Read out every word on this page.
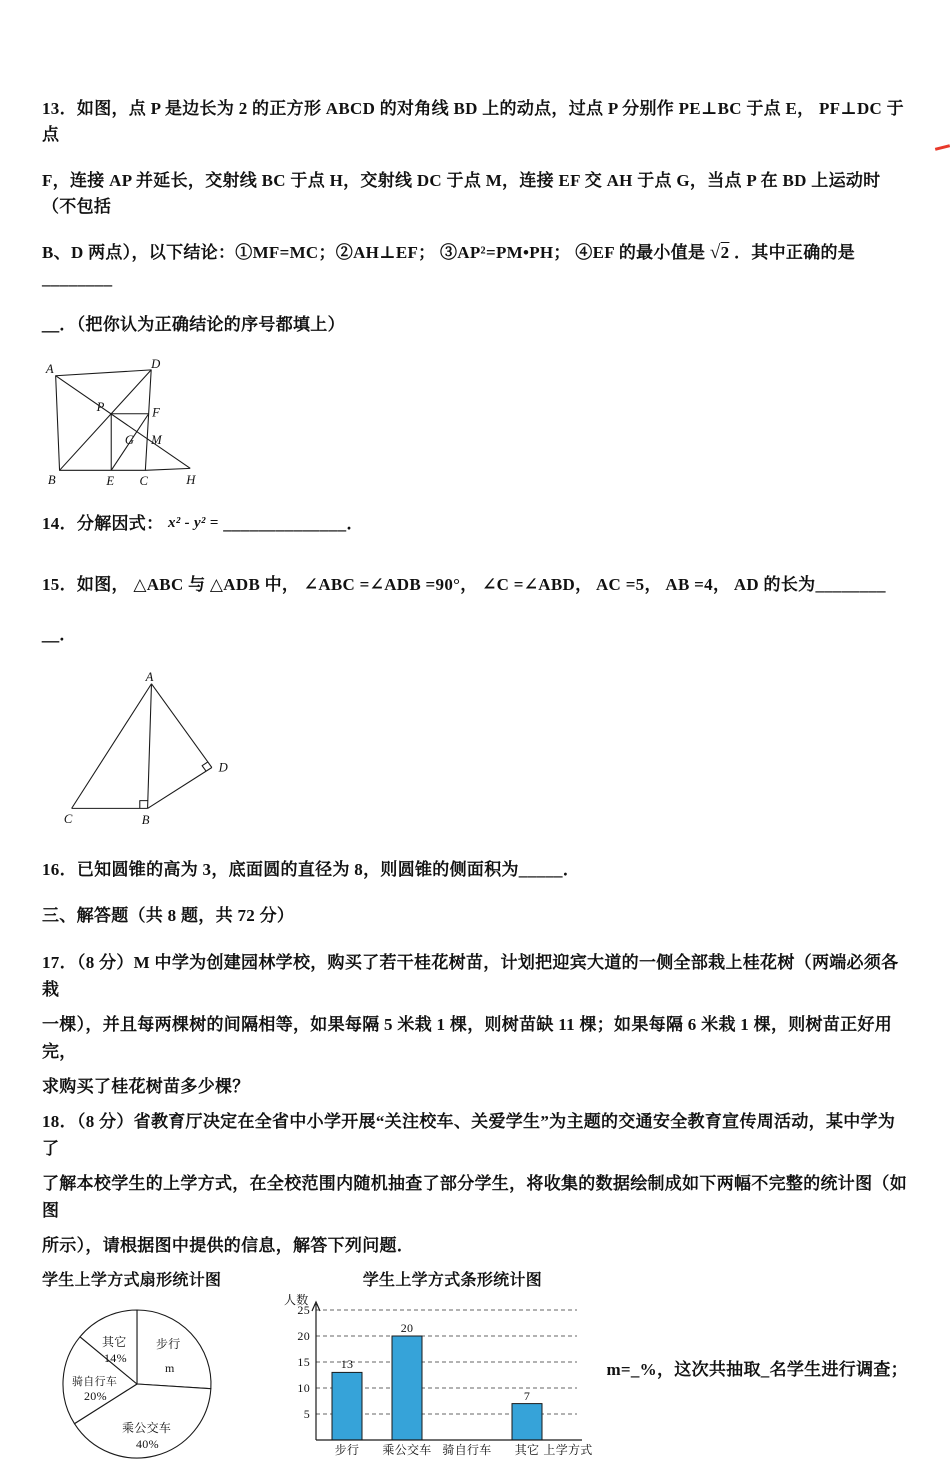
13．如图，点 P 是边长为 2 的正方形 ABCD 的对角线 BD 上的动点，过点 P 分别作 PE⊥BC 于点 E， PF⊥DC 于点
F，连接 AP 并延长，交射线 BC 于点 H，交射线 DC 于点 M，连接 EF 交 AH 于点 G，当点 P 在 BD 上运动时（不包括
B、D 两点），以下结论：①MF=MC；②AH⊥EF； ③AP²=PM•PH； ④EF 的最小值是 √2 ．其中正确的是________
＿．（把你认为正确结论的序号都填上）
A	D
P	F
G M
B	E C	H
14．分解因式： x² - y² = ______________．
15．如图， △ABC 与 △ADB 中， ∠ABC =∠ADB =90°， ∠C =∠ABD， AC =5， AB =4， AD 的长为________
＿．
A
C	B
D
16．已知圆锥的高为 3，底面圆的直径为 8，则圆锥的侧面积为_____．
三、解答题（共 8 题，共 72 分）
17．（8 分）M 中学为创建园林学校，购买了若干桂花树苗，计划把迎宾大道的一侧全部栽上桂花树（两端必须各栽
一棵），并且每两棵树的间隔相等，如果每隔 5 米栽 1 棵，则树苗缺 11 棵；如果每隔 6 米栽 1 棵，则树苗正好用完，
求购买了桂花树苗多少棵？
18．（8 分）省教育厅决定在全省中小学开展“关注校车、关爱学生”为主题的交通安全教育宣传周活动，某中学为了
了解本校学生的上学方式，在全校范围内随机抽查了部分学生，将收集的数据绘制成如下两幅不完整的统计图（如图
所示），请根据图中提供的信息，解答下列问题．
学生上学方式扇形统计图
其它
14%
步行
m
骑自行车
20%
乘公交车
40%
学生上学方式条形统计图
5
10
15
20
25
人数
13
20
7
步行 乘公交车 骑自行车 其它 上学方式
m=_%，这次共抽取_名学生进行调查；
